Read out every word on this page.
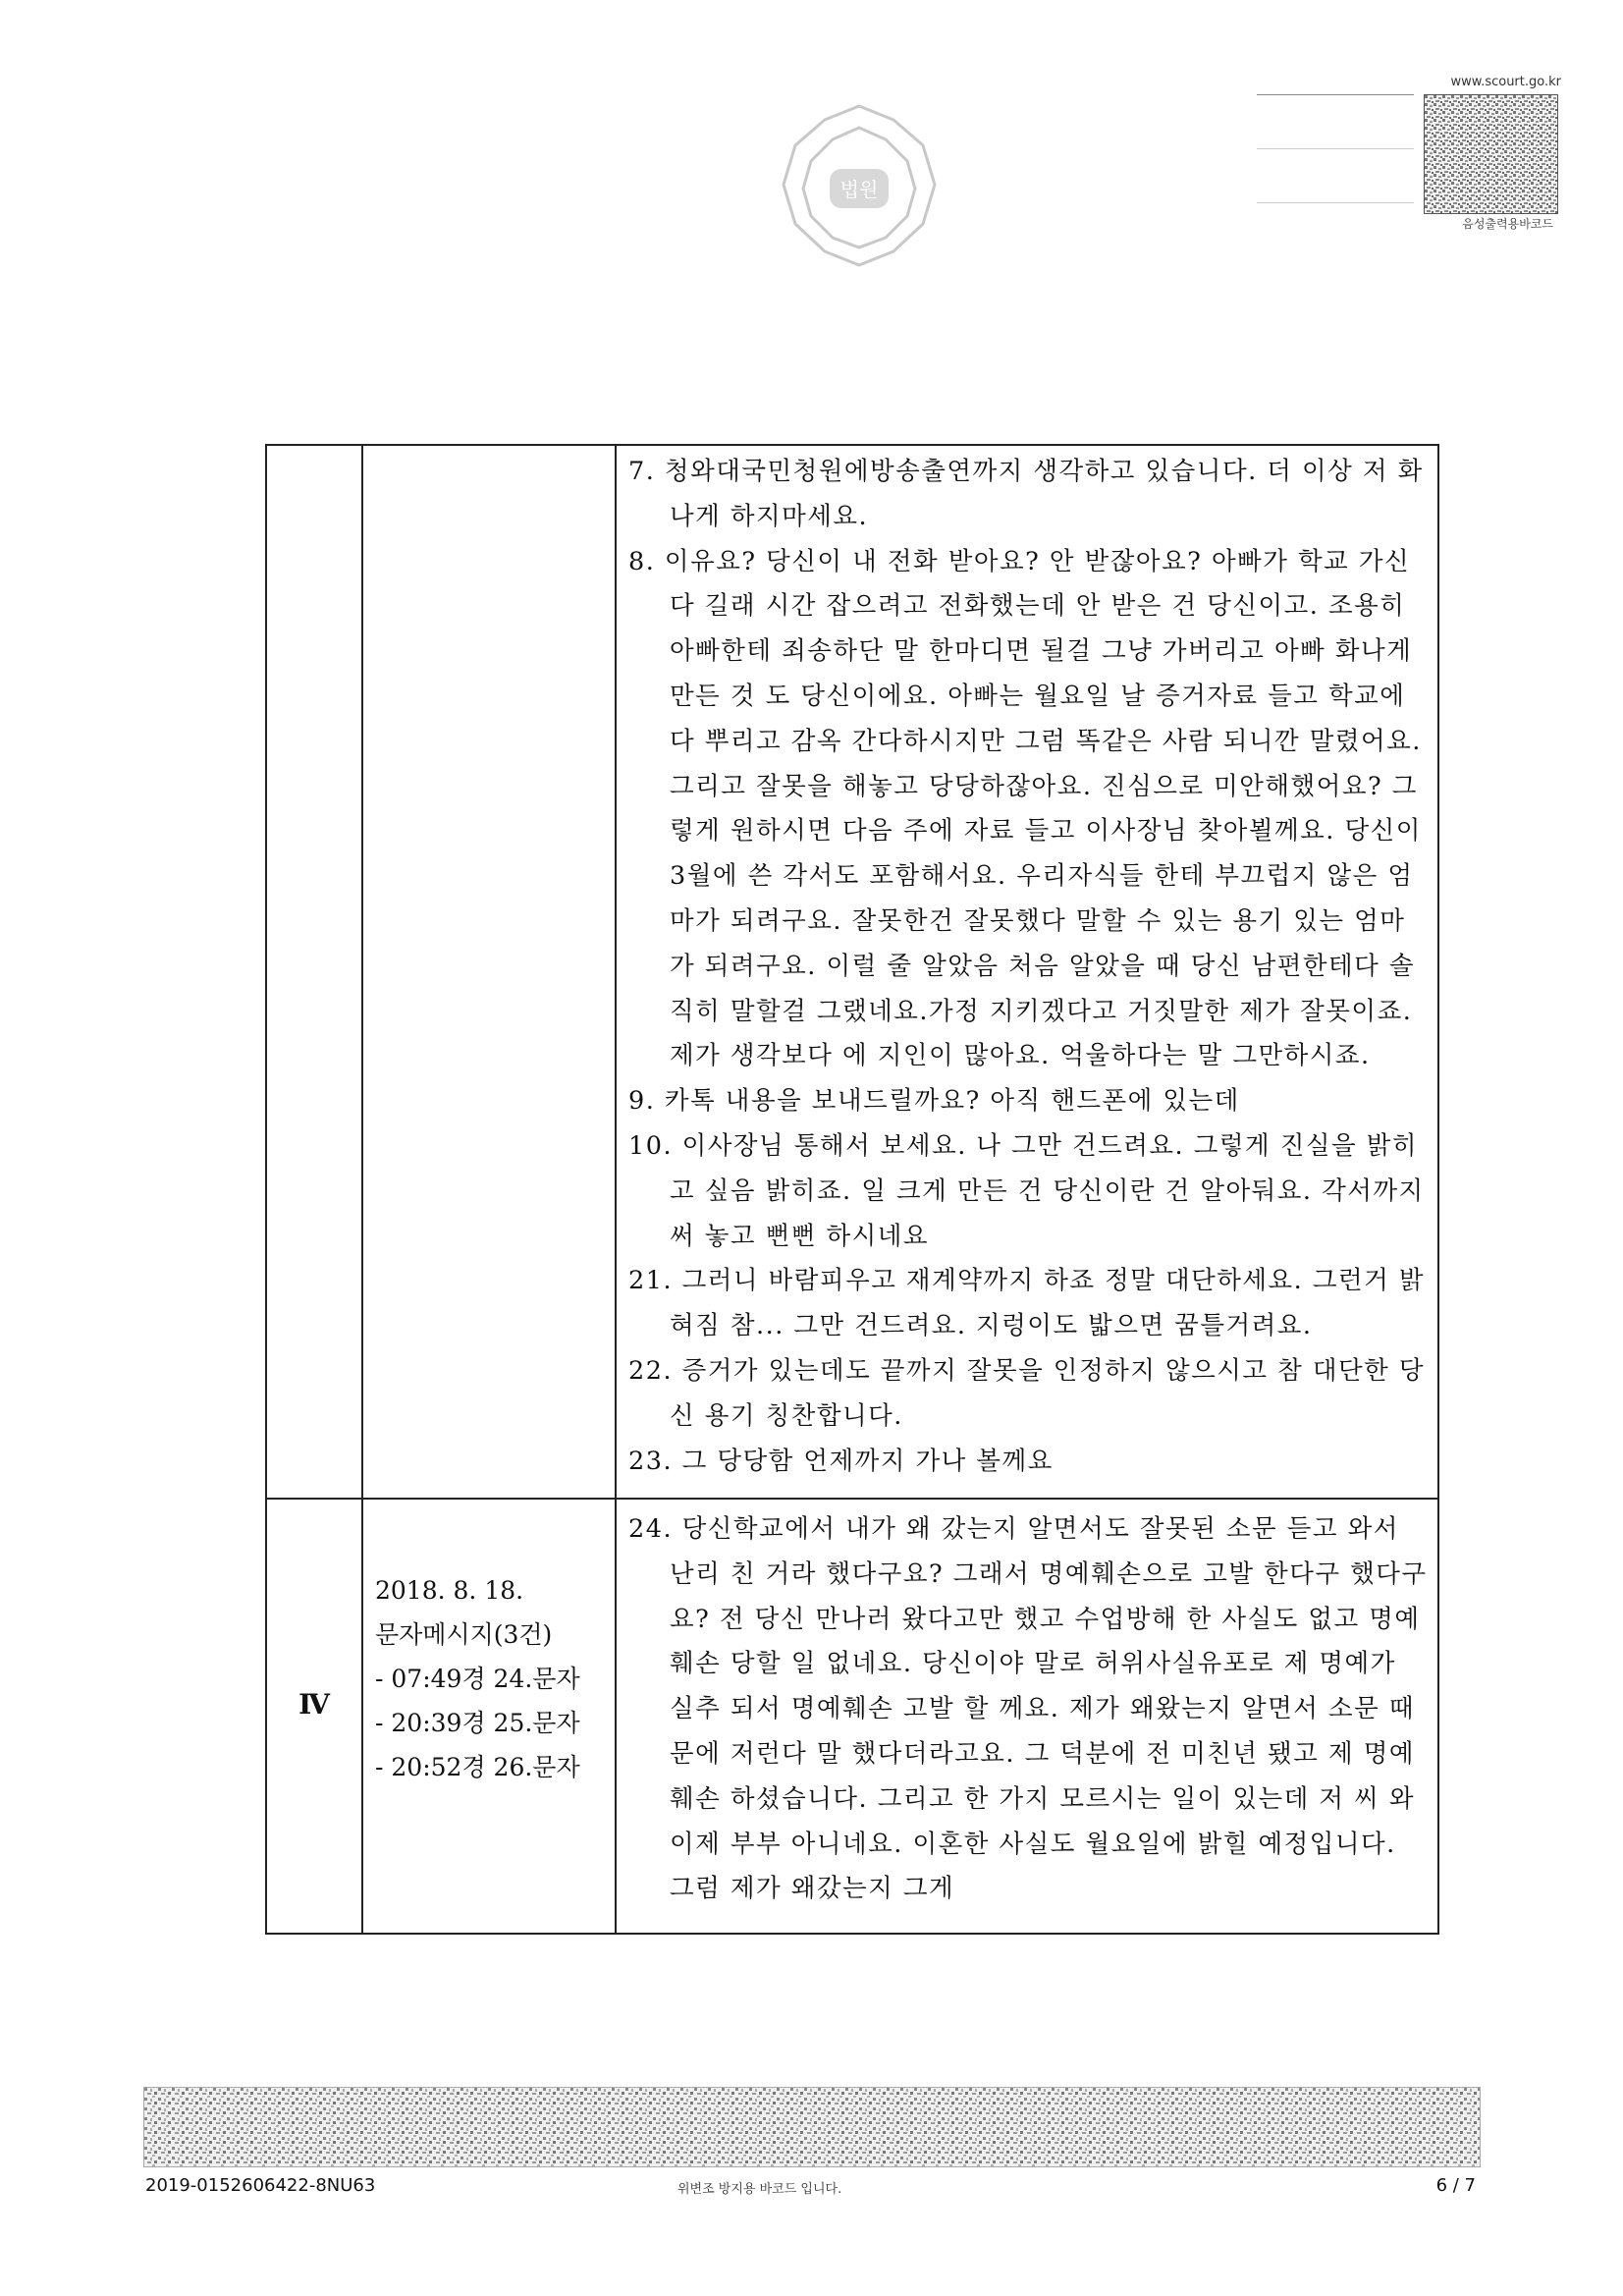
법원
www.scourt.go.kr
음성출력용바코드

7. 청와대국민청원에방송출연까지 생각하고 있습니다. 더 이상 저 화나게 하지마세요.

8. 이유요? 당신이 내 전화 받아요? 안 받잖아요? 아빠가 학교 가신다 길래 시간 잡으려고 전화했는데 안 받은 건 당신이고. 조용히 아빠한테 죄송하단 말 한마디면 될걸 그냥 가버리고 아빠 화나게 만든 것 도 당신이에요. 아빠는 월요일 날 증거자료 들고 학교에 다 뿌리고 감옥 간다하시지만 그럼 똑같은 사람 되니깐 말렸어요. 그리고 잘못을 해놓고 당당하잖아요. 진심으로 미안해했어요? 그렇게 원하시면 다음 주에 자료 들고 이사장님 찾아뵐께요. 당신이 3월에 쓴 각서도 포함해서요. 우리자식들 한테 부끄럽지 않은 엄마가 되려구요. 잘못한건 잘못했다 말할 수 있는 용기 있는 엄마가 되려구요. 이럴 줄 알았음 처음 알았을 때 당신 남편한테다 솔직히 말할걸 그랬네요.가정 지키겠다고 거짓말한 제가 잘못이죠. 제가 생각보다 에 지인이 많아요. 억울하다는 말 그만하시죠.

9. 카톡 내용을 보내드릴까요? 아직 핸드폰에 있는데

10. 이사장님 통해서 보세요. 나 그만 건드려요. 그렇게 진실을 밝히고 싶음 밝히죠. 일 크게 만든 건 당신이란 건 알아둬요. 각서까지 써 놓고 뻔뻔 하시네요

21. 그러니 바람피우고 재계약까지 하죠 정말 대단하세요. 그런거 밝혀짐 참... 그만 건드려요. 지렁이도 밟으면 꿈틀거려요.

22. 증거가 있는데도 끝까지 잘못을 인정하지 않으시고 참 대단한 당신 용기 칭찬합니다.

23. 그 당당함 언제까지 가나 볼께요

Ⅳ
2018. 8. 18.
문자메시지(3건)
- 07:49경 24.문자
- 20:39경 25.문자
- 20:52경 26.문자

24. 당신학교에서 내가 왜 갔는지 알면서도 잘못된 소문 듣고 와서 난리 친 거라 했다구요? 그래서 명예훼손으로 고발 한다구 했다구요? 전 당신 만나러 왔다고만 했고 수업방해 한 사실도 없고 명예훼손 당할 일 없네요. 당신이야 말로 허위사실유포로 제 명예가 실추 되서 명예훼손 고발 할 께요. 제가 왜왔는지 알면서 소문 때문에 저런다 말 했다더라고요. 그 덕분에 전 미친년 됐고 제 명예 훼손 하셨습니다. 그리고 한 가지 모르시는 일이 있는데 저 씨 와 이제 부부 아니네요. 이혼한 사실도 월요일에 밝힐 예정입니다. 그럼 제가 왜갔는지 그게

2019-0152606422-8NU63	위변조 방지용 바코드 입니다.	6 / 7
